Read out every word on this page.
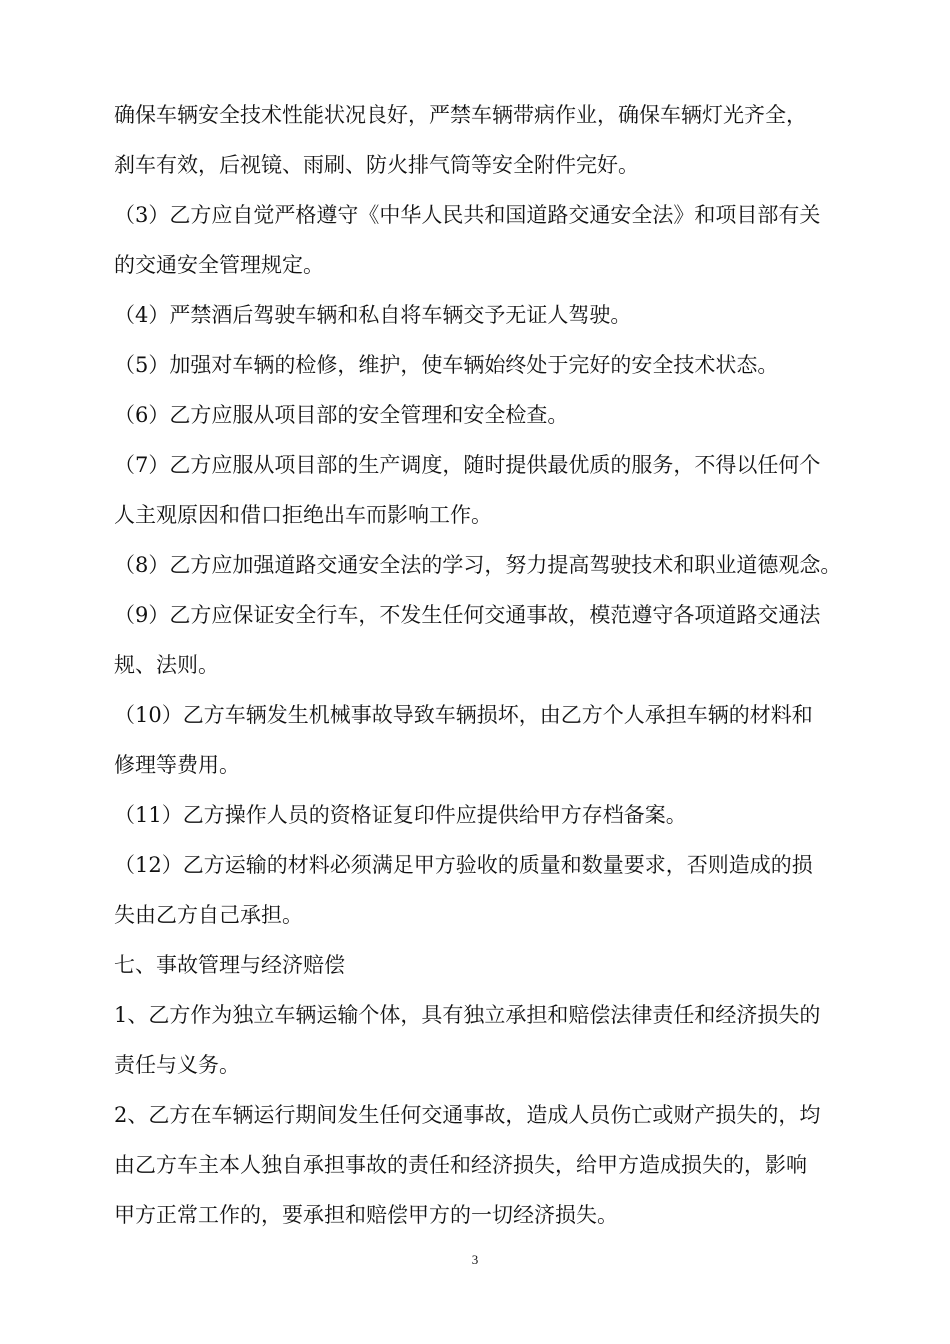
确保车辆安全技术性能状况良好，严禁车辆带病作业，确保车辆灯光齐全，
刹车有效，后视镜、雨刷、防火排气筒等安全附件完好。
（3）乙方应自觉严格遵守《中华人民共和国道路交通安全法》和项目部有关
的交通安全管理规定。
（4）严禁酒后驾驶车辆和私自将车辆交予无证人驾驶。
（5）加强对车辆的检修，维护，使车辆始终处于完好的安全技术状态。
（6）乙方应服从项目部的安全管理和安全检查。
（7）乙方应服从项目部的生产调度，随时提供最优质的服务，不得以任何个
人主观原因和借口拒绝出车而影响工作。
（8）乙方应加强道路交通安全法的学习，努力提高驾驶技术和职业道德观念。
（9）乙方应保证安全行车，不发生任何交通事故，模范遵守各项道路交通法
规、法则。
（10）乙方车辆发生机械事故导致车辆损坏，由乙方个人承担车辆的材料和
修理等费用。
（11）乙方操作人员的资格证复印件应提供给甲方存档备案。
（12）乙方运输的材料必须满足甲方验收的质量和数量要求，否则造成的损
失由乙方自己承担。
七、事故管理与经济赔偿
1、乙方作为独立车辆运输个体，具有独立承担和赔偿法律责任和经济损失的
责任与义务。
2、乙方在车辆运行期间发生任何交通事故，造成人员伤亡或财产损失的，均
由乙方车主本人独自承担事故的责任和经济损失，给甲方造成损失的，影响
甲方正常工作的，要承担和赔偿甲方的一切经济损失。
3
